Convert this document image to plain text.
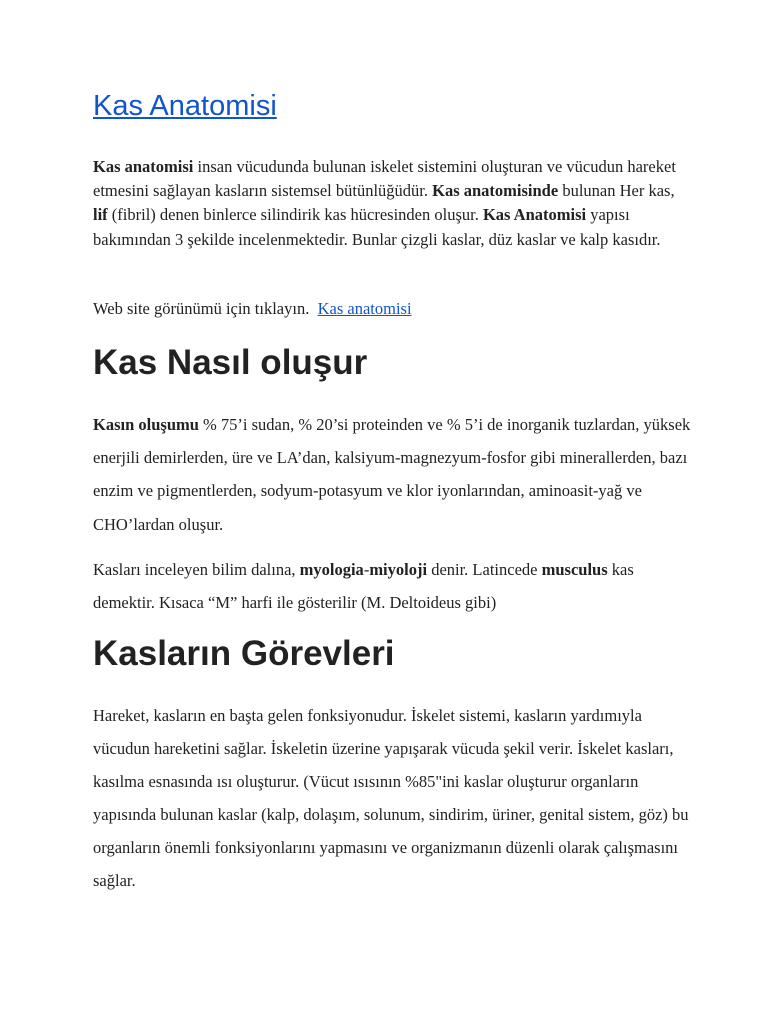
Kas Anatomisi

Kas anatomisi insan vücudunda bulunan iskelet sistemini oluşturan ve vücudun hareket etmesini sağlayan kasların sistemsel bütünlüğüdür. Kas anatomisinde bulunan Her kas, lif (fibril) denen binlerce silindirik kas hücresinden oluşur. Kas Anatomisi yapısı bakımından 3 şekilde incelenmektedir. Bunlar çizgli kaslar, düz kaslar ve kalp kasıdır.

Web site görünümü için tıklayın. Kas anatomisi

Kas Nasıl oluşur

Kasın oluşumu % 75’i sudan, % 20’si proteinden ve % 5’i de inorganik tuzlardan, yüksek enerjili demirlerden, üre ve LA’dan, kalsiyum-magnezyum-fosfor gibi minerallerden, bazı enzim ve pigmentlerden, sodyum-potasyum ve klor iyonlarından, aminoasit-yağ ve CHO’lardan oluşur.

Kasları inceleyen bilim dalına, myologia-miyoloji denir. Latincede musculus kas demektir. Kısaca “M” harfi ile gösterilir (M. Deltoideus gibi)

Kasların Görevleri

Hareket, kasların en başta gelen fonksiyonudur. İskelet sistemi, kasların yardımıyla vücudun hareketini sağlar. İskeletin üzerine yapışarak vücuda şekil verir. İskelet kasları, kasılma esnasında ısı oluşturur. (Vücut ısısının %85"ini kaslar oluşturur organların yapısında bulunan kaslar (kalp, dolaşım, solunum, sindirim, üriner, genital sistem, göz) bu organların önemli fonksiyonlarını yapmasını ve organizmanın düzenli olarak çalışmasını sağlar.
